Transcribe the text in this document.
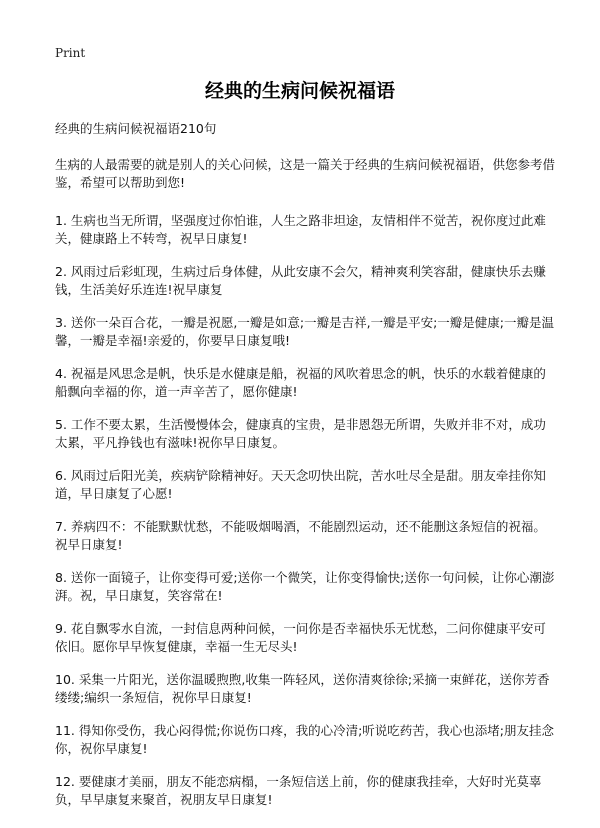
Print
经典的生病问候祝福语

经典的生病问候祝福语210句

生病的人最需要的就是别人的关心问候，这是一篇关于经典的生病问候祝福语，供您参考借鉴，希望可以帮助到您!

1. 生病也当无所谓，坚强度过你怕谁，人生之路非坦途，友情相伴不觉苦，祝你度过此难关，健康路上不转弯，祝早日康复!

2. 风雨过后彩虹现，生病过后身体健，从此安康不会欠，精神爽利笑容甜，健康快乐去赚钱，生活美好乐连连!祝早康复

3. 送你一朵百合花，一瓣是祝愿,一瓣是如意;一瓣是吉祥,一瓣是平安;一瓣是健康;一瓣是温馨，一瓣是幸福!亲爱的，你要早日康复哦!

4. 祝福是风思念是帆，快乐是水健康是船，祝福的风吹着思念的帆，快乐的水载着健康的船飘向幸福的你，道一声辛苦了，愿你健康!

5. 工作不要太累，生活慢慢体会，健康真的宝贵，是非恩怨无所谓，失败并非不对，成功太累，平凡挣钱也有滋味!祝你早日康复。

6. 风雨过后阳光美，疾病铲除精神好。天天念叨快出院，苦水吐尽全是甜。朋友牵挂你知道，早日康复了心愿!

7. 养病四不：不能默默忧愁，不能吸烟喝酒，不能剧烈运动，还不能删这条短信的祝福。祝早日康复!

8. 送你一面镜子，让你变得可爱;送你一个微笑，让你变得愉快;送你一句问候，让你心潮澎湃。祝，早日康复，笑容常在!

9. 花自飘零水自流，一封信息两种问候，一问你是否幸福快乐无忧愁，二问你健康平安可依旧。愿你早早恢复健康，幸福一生无尽头!

10. 采集一片阳光，送你温暖煦煦,收集一阵轻风，送你清爽徐徐;采摘一束鲜花，送你芳香缕缕;编织一条短信，祝你早日康复!

11. 得知你受伤，我心闷得慌;你说伤口疼，我的心冷清;听说吃药苦，我心也添堵;朋友挂念你，祝你早康复!

12. 要健康才美丽，朋友不能恋病榻，一条短信送上前，你的健康我挂牵，大好时光莫辜负，早早康复来聚首，祝朋友早日康复!
